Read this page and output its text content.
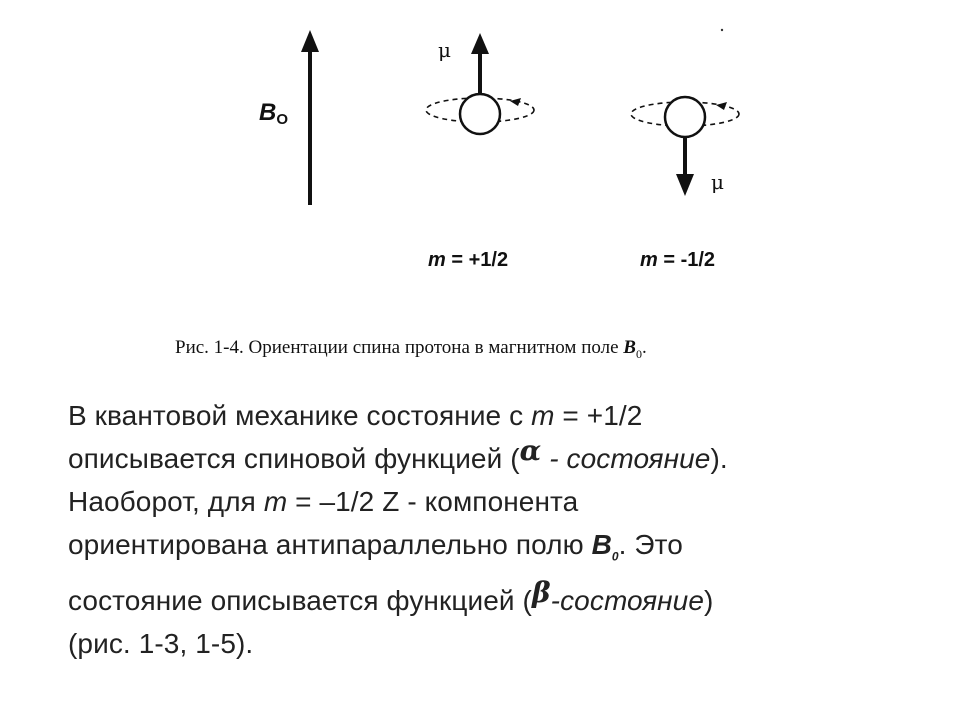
$B_O$
μ
μ
m = +1/2	m = -1/2
Рис. 1-4. Ориентации спина протона в магнитном поле $B_0$.
В квантовой механике состояние с m = +1/2
описывается спиновой функцией (α - состояние).
Наоборот, для m = –1/2 Z - компонента
ориентирована антипараллельно полю $B_0$. Это
состояние описывается функцией (β-состояние)
(рис. 1-3, 1-5).
